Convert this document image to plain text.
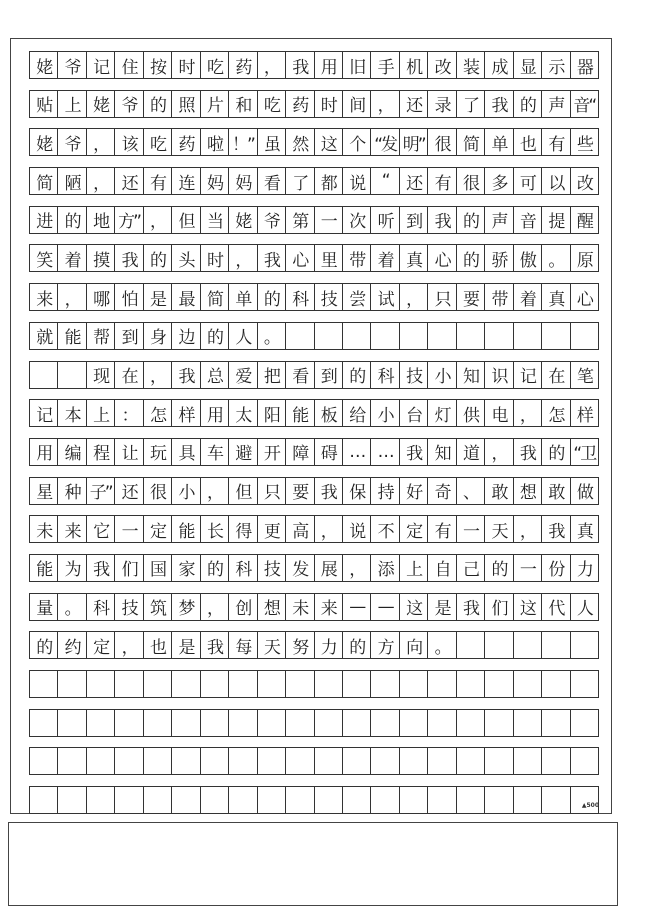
姥 爷 记 住 按 时 吃 药 ， 我 用 旧 手 机 改 装 成 显 示 器
贴 上 姥 爷 的 照 片 和 吃 药 时 间 ， 还 录 了 我 的 声 音“
姥 爷 ， 该 吃 药 啦 ！” 虽 然 这 个 “发 明” 很 简 单 也 有 些
简 陋 ， 还 有 连 妈 妈 看 了 都 说	“	还 有 很 多 可 以 改
进 的 地 方” ， 但 当 姥 爷 第 一 次 听 到 我 的 声 音 提 醒
笑 着 摸 我 的 头 时 ， 我 心 里 带 着 真 心 的 骄 傲 。 原
来 ， 哪 怕 是 最 简 单 的 科 技 尝 试 ， 只 要 带 着 真 心
就 能 帮 到 身 边 的 人 。
现 在 ， 我 总 爱 把 看 到 的 科 技 小 知 识 记 在 笔
记 本 上 ： 怎 样 用 太 阳 能 板 给 小 台 灯 供 电 ， 怎 样
用 编 程 让 玩 具 车 避 开 障 碍 … … 我 知 道 ， 我 的 “卫
星 种 子” 还 很 小 ， 但 只 要 我 保 持 好 奇 、 敢 想 敢 做
未 来 它 一 定 能 长 得 更 高 ， 说 不 定 有 一 天 ， 我 真
能 为 我 们 国 家 的 科 技 发 展 ， 添 上 自 己 的 一 份 力
量 。 科 技 筑 梦 ， 创 想 未 来 — — 这 是 我 们 这 代 人
的 约 定 ， 也 是 我 每 天 努 力 的 方 向 。
▲500
